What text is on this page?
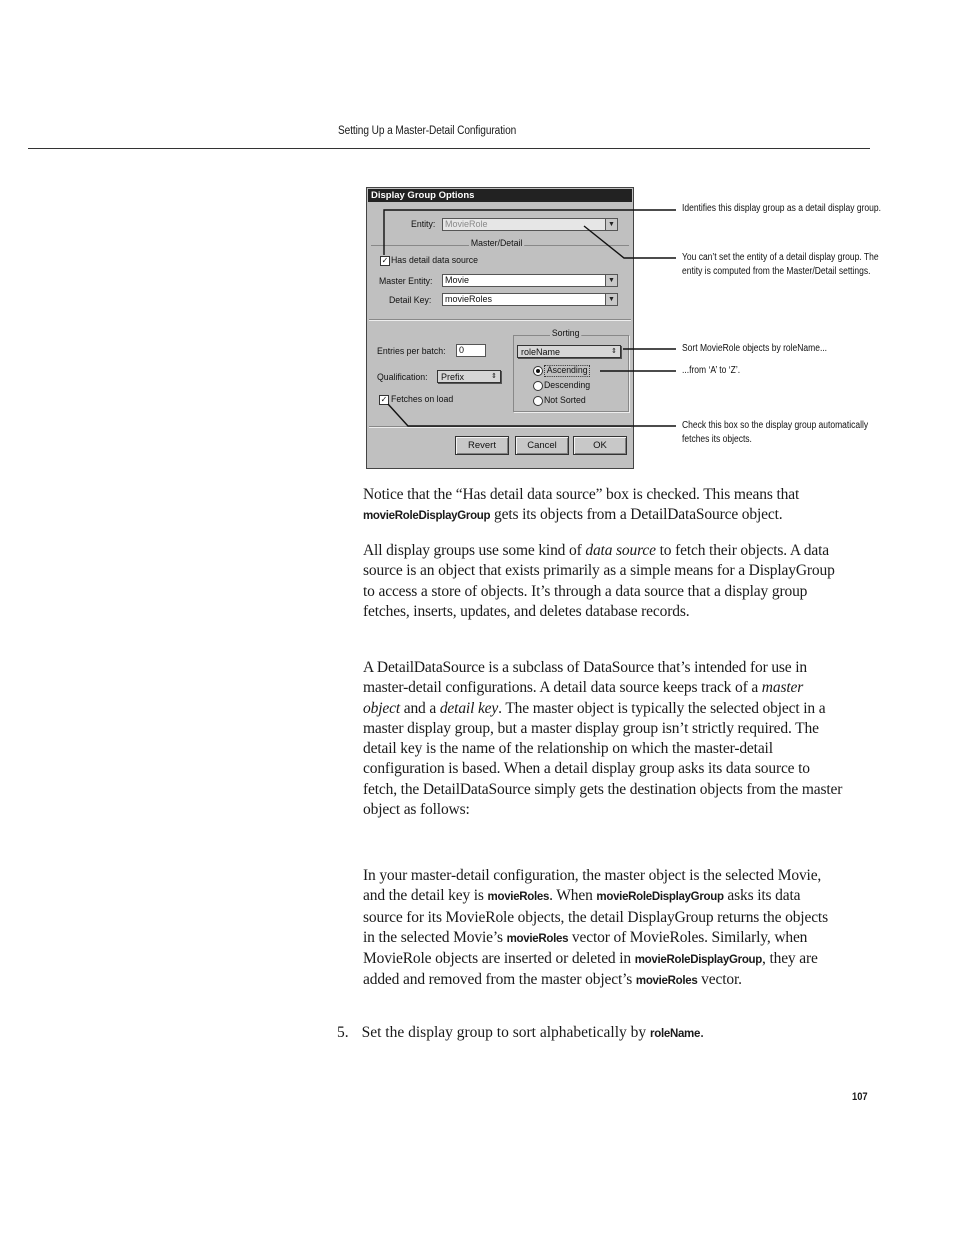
Setting Up a Master-Detail Configuration
Display Group Options
Entity:	MovieRole	▼
Master/Detail
✓ Has detail data source
Master Entity:	Movie	▼
Detail Key:	movieRoles	▼
Sorting
roleName	⇕
Ascending
Descending
Not Sorted
Entries per batch:	0
Qualification:	Prefix	⇕
✓ Fetches on load
Revert	Cancel	OK
Identifies this display group as a detail display group.
You can’t set the entity of a detail display group. The
entity is computed from the Master/Detail settings.
Sort MovieRole objects by roleName...
...from ‘A’ to ‘Z’.
Check this box so the display group automatically
fetches its objects.

Notice that the “Has detail data source” box is checked. This means that movieRoleDisplayGroup gets its objects from a DetailDataSource object.

All display groups use some kind of data source to fetch their objects. A data source is an object that exists primarily as a simple means for a DisplayGroup to access a store of objects. It’s through a data source that a display group fetches, inserts, updates, and deletes database records.

A DetailDataSource is a subclass of DataSource that’s intended for use in master-detail configurations. A detail data source keeps track of a master object and a detail key. The master object is typically the selected object in a master display group, but a master display group isn’t strictly required. The detail key is the name of the relationship on which the master-detail configuration is based. When a detail display group asks its data source to fetch, the DetailDataSource simply gets the destination objects from the master object as follows:

In your master-detail configuration, the master object is the selected Movie, and the detail key is movieRoles. When movieRoleDisplayGroup asks its data source for its MovieRole objects, the detail DisplayGroup returns the objects in the selected Movie’s movieRoles vector of MovieRoles. Similarly, when MovieRole objects are inserted or deleted in movieRoleDisplayGroup, they are added and removed from the master object’s movieRoles vector.

5. Set the display group to sort alphabetically by roleName.
107
